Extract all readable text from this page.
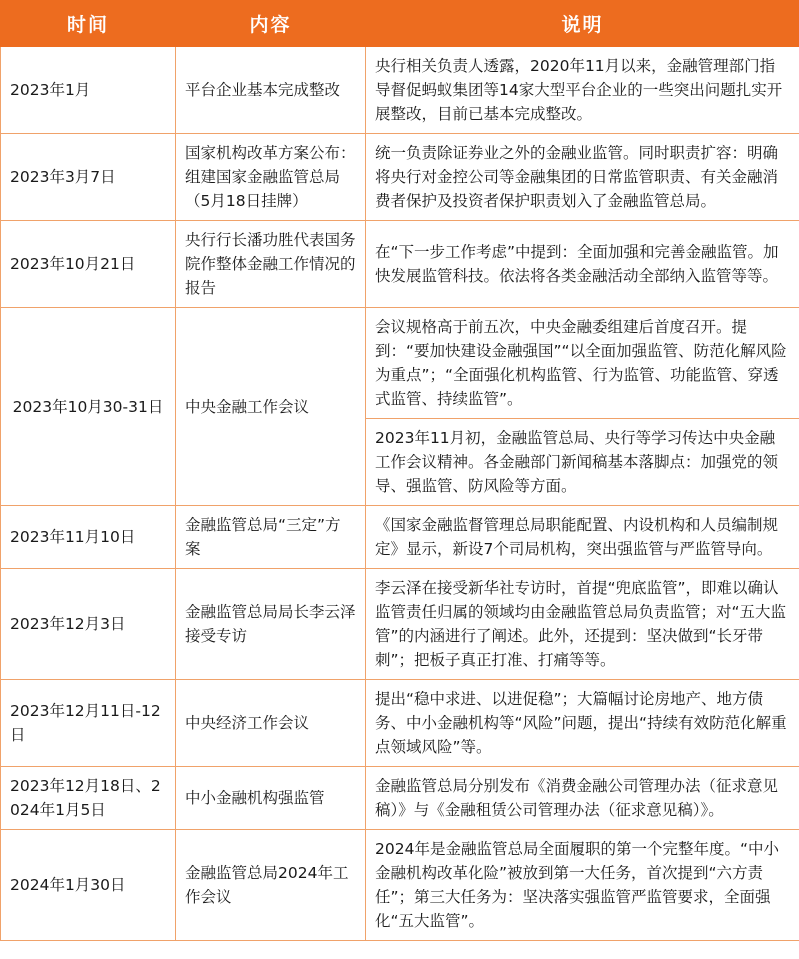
时间	内容	说明
2023年1月	平台企业基本完成整改	央行相关负责人透露，2020年11月以来，金融管理部门指导督促蚂蚁集团等14家大型平台企业的一些突出问题扎实开展整改，目前已基本完成整改。
2023年3月7日	国家机构改革方案公布：组建国家金融监管总局（5月18日挂牌）	统一负责除证券业之外的金融业监管。同时职责扩容：明确将央行对金控公司等金融集团的日常监管职责、有关金融消费者保护及投资者保护职责划入了金融监管总局。
2023年10月21日	央行行长潘功胜代表国务院作整体金融工作情况的报告	在“下一步工作考虑”中提到：全面加强和完善金融监管。加快发展监管科技。依法将各类金融活动全部纳入监管等等。
2023年10月30-31日	中央金融工作会议	会议规格高于前五次，中央金融委组建后首度召开。提到：“要加快建设金融强国”“以全面加强监管、防范化解风险为重点”；“全面强化机构监管、行为监管、功能监管、穿透式监管、持续监管”。
		2023年11月初，金融监管总局、央行等学习传达中央金融工作会议精神。各金融部门新闻稿基本落脚点：加强党的领导、强监管、防风险等方面。
2023年11月10日	金融监管总局“三定”方案	《国家金融监督管理总局职能配置、内设机构和人员编制规定》显示，新设7个司局机构，突出强监管与严监管导向。
2023年12月3日	金融监管总局局长李云泽接受专访	李云泽在接受新华社专访时，首提“兜底监管”，即难以确认监管责任归属的领域均由金融监管总局负责监管；对“五大监管”的内涵进行了阐述。此外，还提到：坚决做到“长牙带刺”；把板子真正打准、打痛等等。
2023年12月11日-12日	中央经济工作会议	提出“稳中求进、以进促稳”；大篇幅讨论房地产、地方债务、中小金融机构等“风险”问题，提出“持续有效防范化解重点领域风险”等。
2023年12月18日、2024年1月5日	中小金融机构强监管	金融监管总局分别发布《消费金融公司管理办法（征求意见稿）》与《金融租赁公司管理办法（征求意见稿）》。
2024年1月30日	金融监管总局2024年工作会议	2024年是金融监管总局全面履职的第一个完整年度。“中小金融机构改革化险”被放到第一大任务，首次提到“六方责任”；第三大任务为：坚决落实强监管严监管要求，全面强化“五大监管”。
